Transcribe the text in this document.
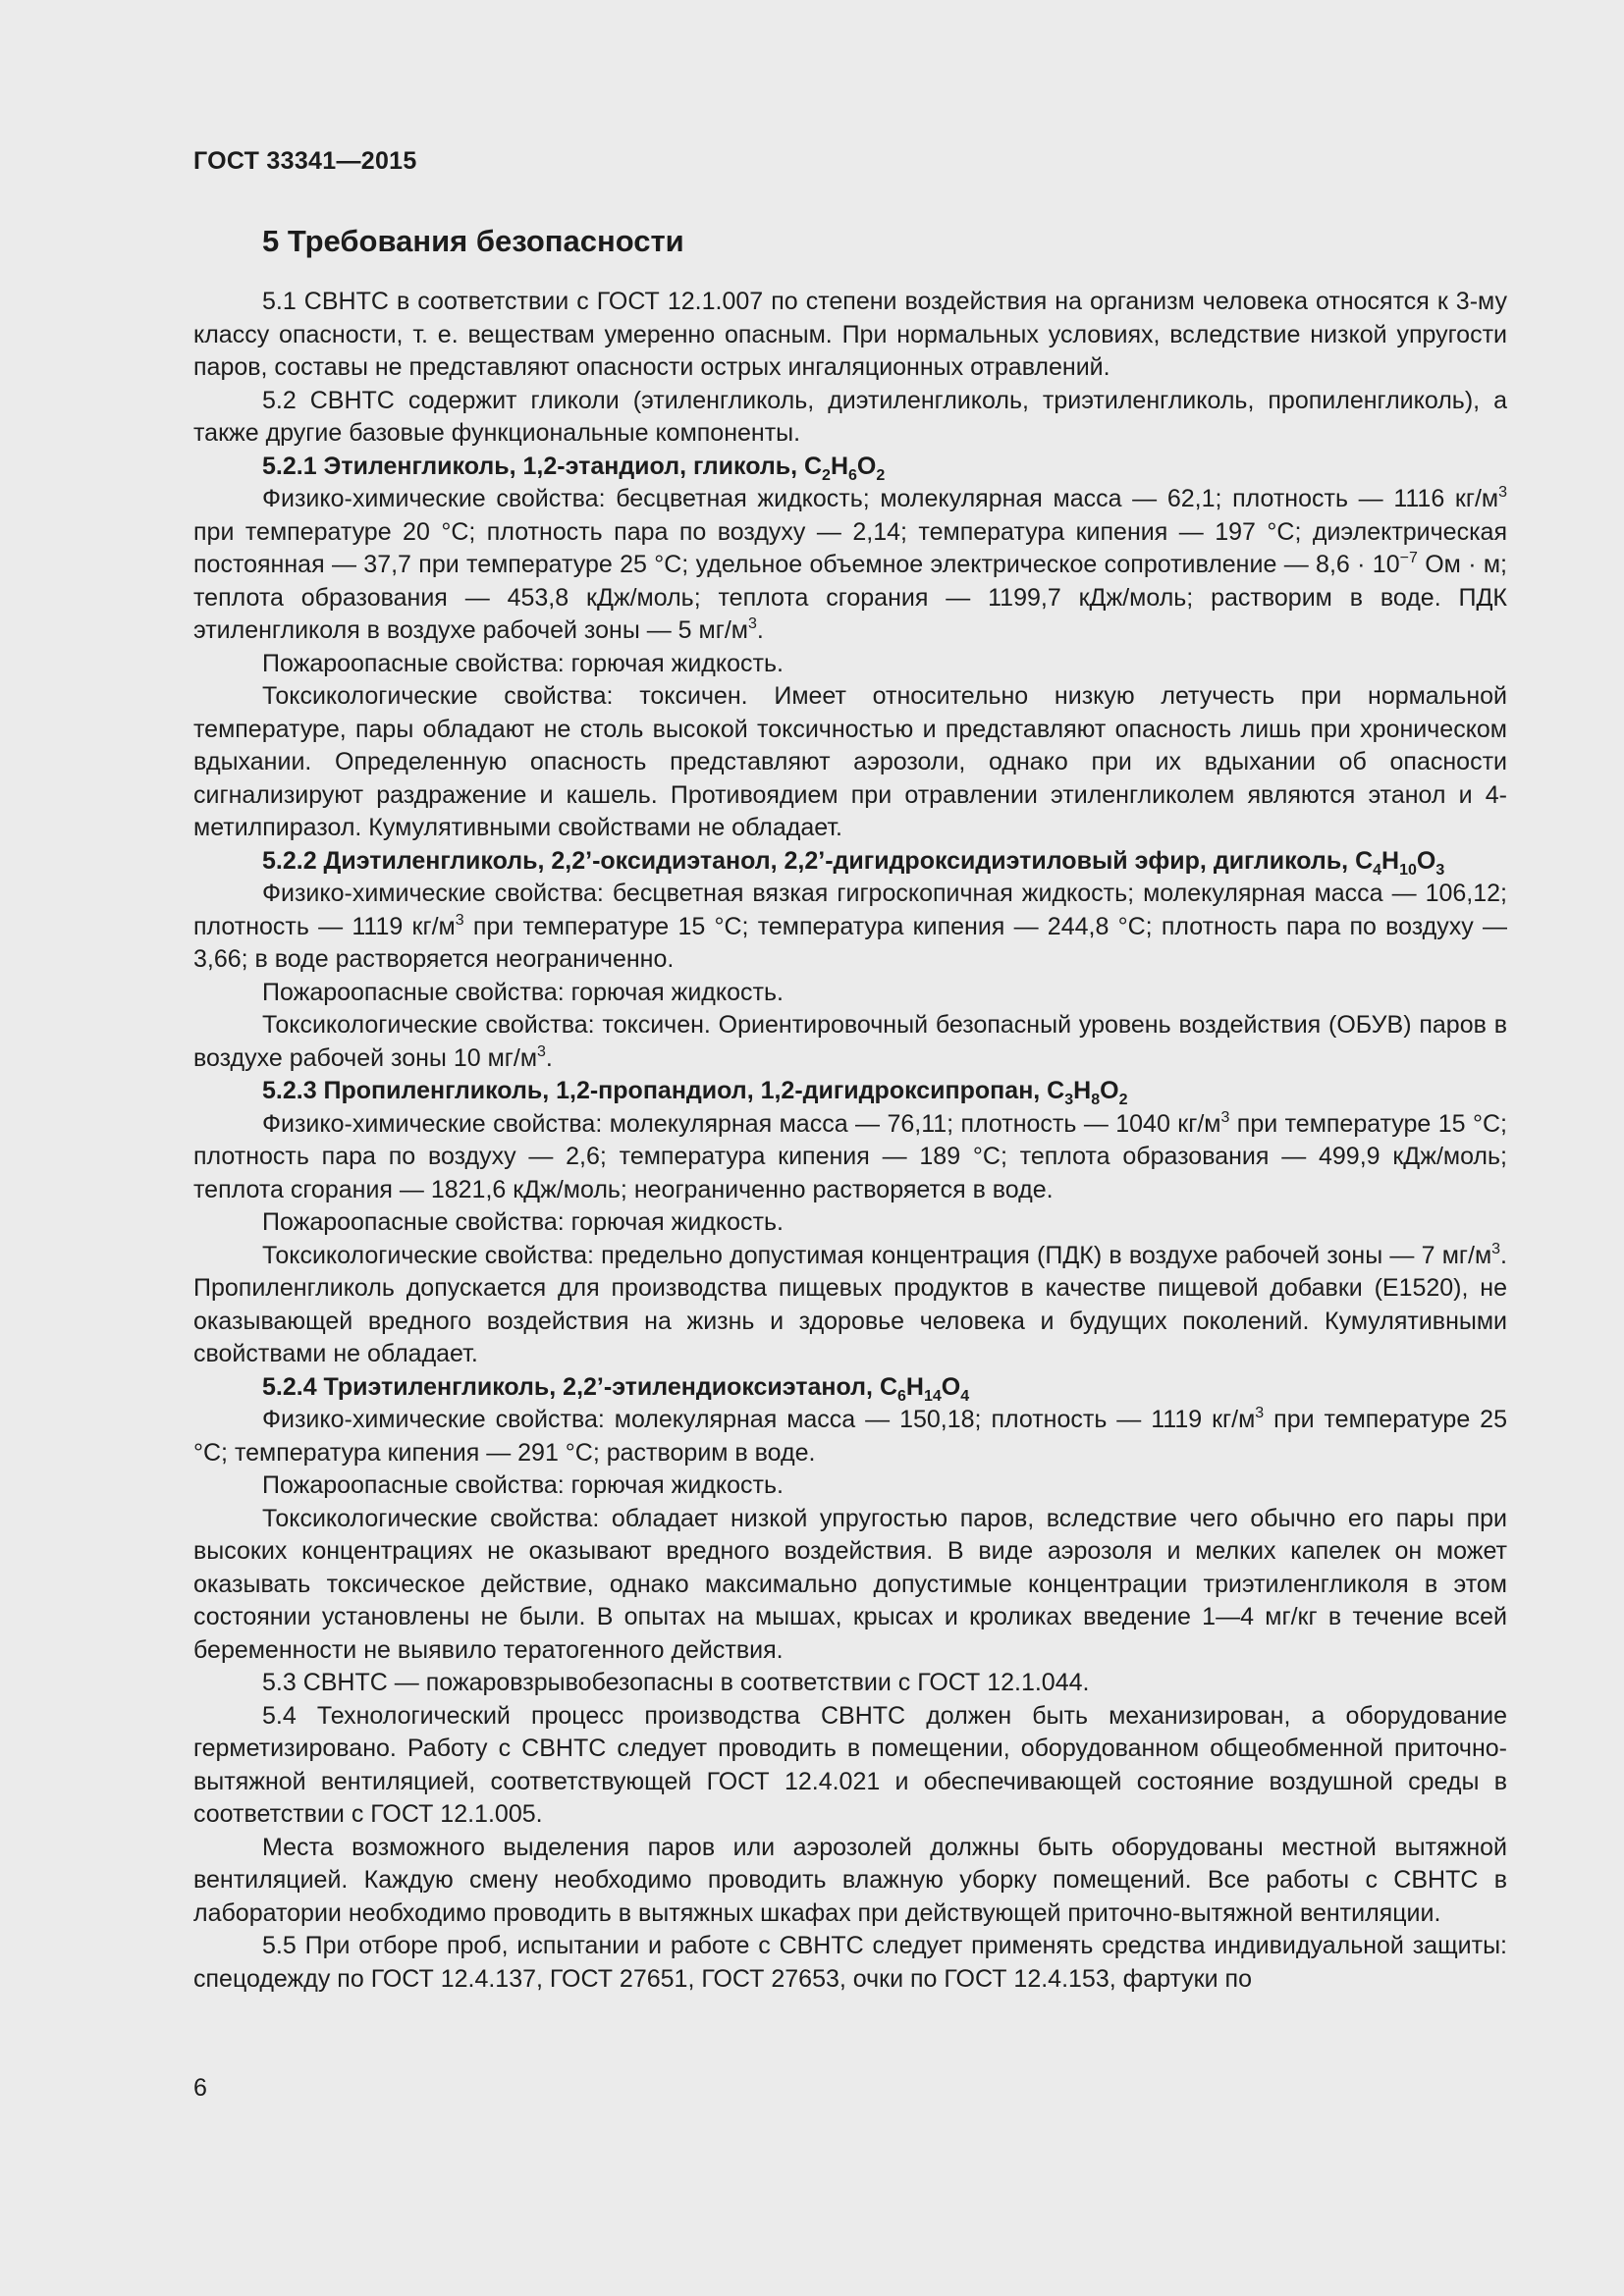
ГОСТ 33341—2015
5 Требования безопасности

5.1 СВНТС в соответствии с ГОСТ 12.1.007 по степени воздействия на организм человека относятся к 3-му классу опасности, т. е. веществам умеренно опасным. При нормальных условиях, вследствие низкой упругости паров, составы не представляют опасности острых ингаляционных отравлений.

5.2 СВНТС содержит гликоли (этиленгликоль, диэтиленгликоль, триэтиленгликоль, пропиленгликоль), а также другие базовые функциональные компоненты.

5.2.1 Этиленгликоль, 1,2-этандиол, гликоль, $C_2H_6O_2$

Физико-химические свойства: бесцветная жидкость; молекулярная масса — 62,1; плотность — 1116 $кг/м^3$ при температуре 20 °С; плотность пара по воздуху — 2,14; температура кипения — 197 °С; диэлектрическая постоянная — 37,7 при температуре 25 °С; удельное объемное электрическое сопротивление — $8,6 \cdot 10^{-7}$ Ом · м; теплота образования — 453,8 кДж/моль; теплота сгорания — 1199,7 кДж/моль; растворим в воде. ПДК этиленгликоля в воздухе рабочей зоны — 5 $мг/м^3$.

Пожароопасные свойства: горючая жидкость.

Токсикологические свойства: токсичен. Имеет относительно низкую летучесть при нормальной температуре, пары обладают не столь высокой токсичностью и представляют опасность лишь при хроническом вдыхании. Определенную опасность представляют аэрозоли, однако при их вдыхании об опасности сигнализируют раздражение и кашель. Противоядием при отравлении этиленгликолем являются этанол и 4-метилпиразол. Кумулятивными свойствами не обладает.

5.2.2 Диэтиленгликоль, 2,2’-оксидиэтанол, 2,2’-дигидроксидиэтиловый эфир, дигликоль, $C_4H_{10}O_3$

Физико-химические свойства: бесцветная вязкая гигроскопичная жидкость; молекулярная масса — 106,12; плотность — 1119 $кг/м^3$ при температуре 15 °С; температура кипения — 244,8 °С; плотность пара по воздуху — 3,66; в воде растворяется неограниченно.

Пожароопасные свойства: горючая жидкость.

Токсикологические свойства: токсичен. Ориентировочный безопасный уровень воздействия (ОБУВ) паров в воздухе рабочей зоны 10 $мг/м^3$.

5.2.3 Пропиленгликоль, 1,2-пропандиол, 1,2-дигидроксипропан, $C_3H_8O_2$

Физико-химические свойства: молекулярная масса — 76,11; плотность — 1040 $кг/м^3$ при температуре 15 °С; плотность пара по воздуху — 2,6; температура кипения — 189 °С; теплота образования — 499,9 кДж/моль; теплота сгорания — 1821,6 кДж/моль; неограниченно растворяется в воде.

Пожароопасные свойства: горючая жидкость.

Токсикологические свойства: предельно допустимая концентрация (ПДК) в воздухе рабочей зоны — 7 $мг/м^3$. Пропиленгликоль допускается для производства пищевых продуктов в качестве пищевой добавки (Е1520), не оказывающей вредного воздействия на жизнь и здоровье человека и будущих поколений. Кумулятивными свойствами не обладает.

5.2.4 Триэтиленгликоль, 2,2’-этилендиоксиэтанол, $C_6H_{14}O_4$

Физико-химические свойства: молекулярная масса — 150,18; плотность — 1119 $кг/м^3$ при температуре 25 °С; температура кипения — 291 °С; растворим в воде.

Пожароопасные свойства: горючая жидкость.

Токсикологические свойства: обладает низкой упругостью паров, вследствие чего обычно его пары при высоких концентрациях не оказывают вредного воздействия. В виде аэрозоля и мелких капелек он может оказывать токсическое действие, однако максимально допустимые концентрации триэтиленгликоля в этом состоянии установлены не были. В опытах на мышах, крысах и кроликах введение 1—4 мг/кг в течение всей беременности не выявило тератогенного действия.

5.3 СВНТС — пожаровзрывобезопасны в соответствии с ГОСТ 12.1.044.

5.4 Технологический процесс производства СВНТС должен быть механизирован, а оборудование герметизировано. Работу с СВНТС следует проводить в помещении, оборудованном общеобменной приточно-вытяжной вентиляцией, соответствующей ГОСТ 12.4.021 и обеспечивающей состояние воздушной среды в соответствии с ГОСТ 12.1.005.

Места возможного выделения паров или аэрозолей должны быть оборудованы местной вытяжной вентиляцией. Каждую смену необходимо проводить влажную уборку помещений. Все работы с СВНТС в лаборатории необходимо проводить в вытяжных шкафах при действующей приточно-вытяжной вентиляции.

5.5 При отборе проб, испытании и работе с СВНТС следует применять средства индивидуальной защиты: спецодежду по ГОСТ 12.4.137, ГОСТ 27651, ГОСТ 27653, очки по ГОСТ 12.4.153, фартуки по

6
